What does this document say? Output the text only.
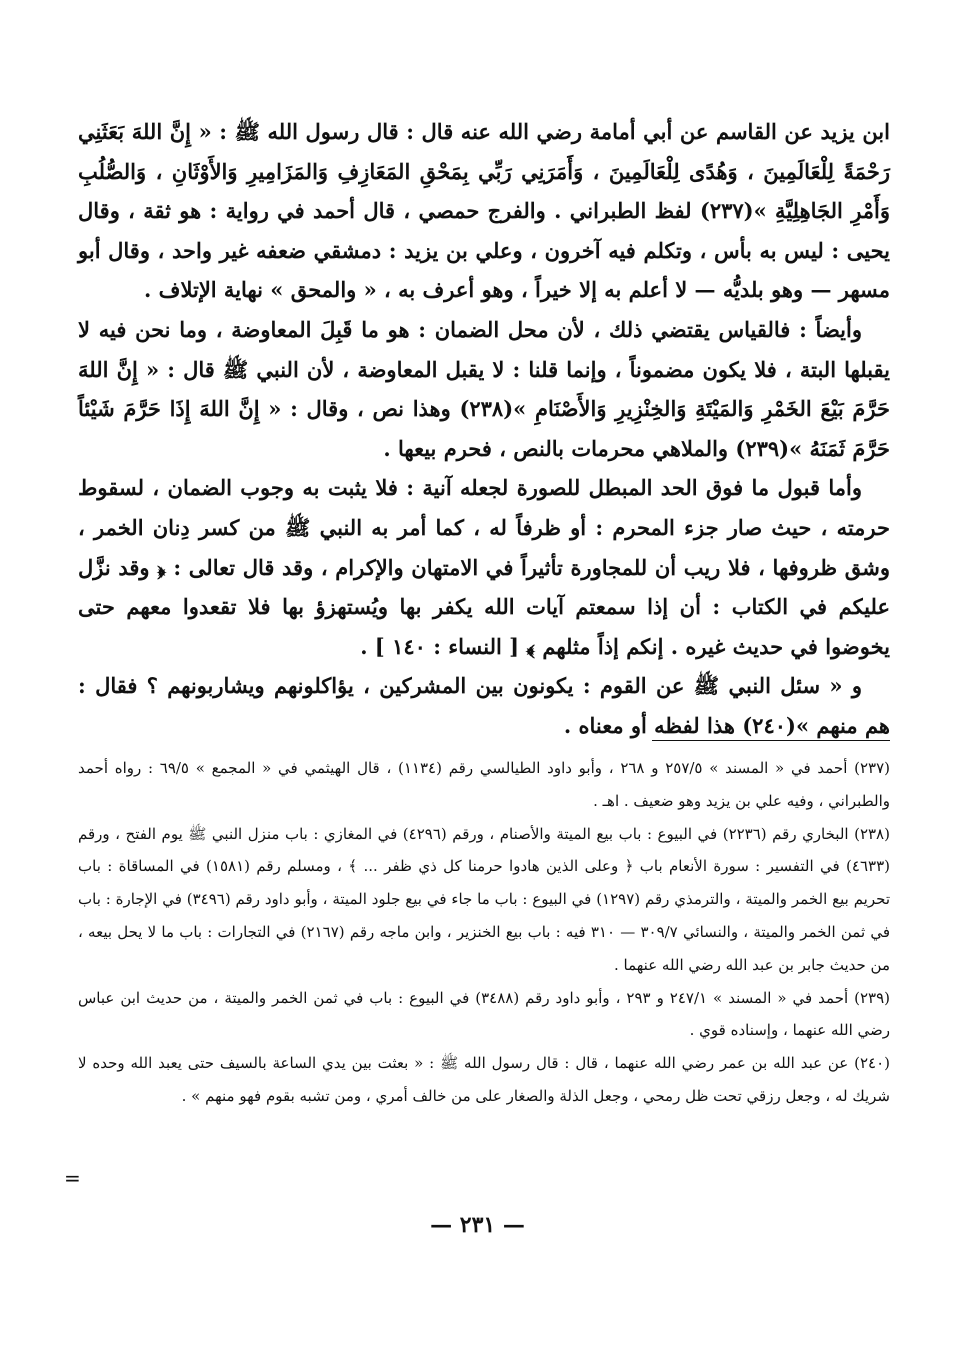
ابن يزيد عن القاسم عن أبي أمامة رضي الله عنه قال : قال رسول الله ﷺ : « إِنَّ اللهَ بَعَثَنِي رَحْمَةً لِلْعَالَمِينَ ، وَهُدًى لِلْعَالَمِينَ ، وَأَمَرَنِي رَبِّي بِمَحْقِ المَعَازِفِ وَالمَزَامِيرِ وَالأَوْثَانِ ، وَالصُّلُبِ وَأَمْرِ الجَاهِلِيَّةِ »(٢٣٧) لفظ الطبراني . والفرج حمصي ، قال أحمد في رواية : هو ثقة ، وقال يحيى : ليس به بأس ، وتكلم فيه آخرون ، وعلي بن يزيد : دمشقي ضعفه غير واحد ، وقال أبو مسهر — وهو بلديُّه — لا أعلم به إلا خيراً ، وهو أعرف به ، « والمحق » نهاية الإتلاف .

وأيضاً : فالقياس يقتضي ذلك ، لأن محل الضمان : هو ما قَبِلَ المعاوضة ، وما نحن فيه لا يقبلها البتة ، فلا يكون مضموناً ، وإنما قلنا : لا يقبل المعاوضة ، لأن النبي ﷺ قال : « إِنَّ اللهَ حَرَّمَ بَيْعَ الخَمْرِ وَالمَيْتَةِ وَالخِنْزِيرِ وَالأَصْنَامِ »(٢٣٨) وهذا نص ، وقال : « إِنَّ اللهَ إِذَا حَرَّمَ شَيْئاً حَرَّمَ ثَمَنَهُ »(٢٣٩) والملاهي محرمات بالنص ، فحرم بيعها .

وأما قبول ما فوق الحد المبطل للصورة لجعله آنية : فلا يثبت به وجوب الضمان ، لسقوط حرمته ، حيث صار جزء المحرم : أو ظرفاً له ، كما أمر به النبي ﷺ من كسر دِنان الخمر ، وشق ظروفها ، فلا ريب أن للمجاورة تأثيراً في الامتهان والإكرام ، وقد قال تعالى : ﴿ وقد نزَّل عليكم في الكتاب : أن إذا سمعتم آيات الله يكفر بها ويُستهزؤ بها فلا تقعدوا معهم حتى يخوضوا في حديث غيره . إنكم إذاً مثلهم ﴾ [ النساء : ١٤٠ ] .

و « سئل النبي ﷺ عن القوم : يكونون بين المشركين ، يؤاكلونهم ويشاربونهم ؟ فقال : هم منهم »(٢٤٠) هذا لفظه أو معناه .

(٢٣٧) أحمد في « المسند » ٢٥٧/٥ و ٢٦٨ ، وأبو داود الطيالسي رقم (١١٣٤) ، قال الهيثمي في « المجمع » ٦٩/٥ : رواه أحمد والطبراني ، وفيه علي بن يزيد وهو ضعيف . اهـ .

(٢٣٨) البخاري رقم (٢٢٣٦) في البيوع : باب بيع الميتة والأصنام ، ورقم (٤٢٩٦) في المغازي : باب منزل النبي ﷺ يوم الفتح ، ورقم (٤٦٣٣) في التفسير : سورة الأنعام باب ﴿ وعلى الذين هادوا حرمنا كل ذي ظفر ... ﴾ ، ومسلم رقم (١٥٨١) في المساقاة : باب تحريم بيع الخمر والميتة ، والترمذي رقم (١٢٩٧) في البيوع : باب ما جاء في بيع جلود الميتة ، وأبو داود رقم (٣٤٩٦) في الإجارة : باب في ثمن الخمر والميتة ، والنسائي ٣٠٩/٧ — ٣١٠ فيه : باب بيع الخنزير ، وابن ماجه رقم (٢١٦٧) في التجارات : باب ما لا يحل بيعه ، من حديث جابر بن عبد الله رضي الله عنهما .

(٢٣٩) أحمد في « المسند » ٢٤٧/١ و ٢٩٣ ، وأبو داود رقم (٣٤٨٨) في البيوع : باب في ثمن الخمر والميتة ، من حديث ابن عباس رضي الله عنهما ، وإسناده قوي .

(٢٤٠) عن عبد الله بن عمر رضي الله عنهما ، قال : قال رسول الله ﷺ : « بعثت بين يدي الساعة بالسيف حتى يعبد الله وحده لا شريك له ، وجعل رزقي تحت ظل رمحي ، وجعل الذلة والصغار على من خالف أمري ، ومن تشبه بقوم فهو منهم » .

=
— ٢٣١ —
